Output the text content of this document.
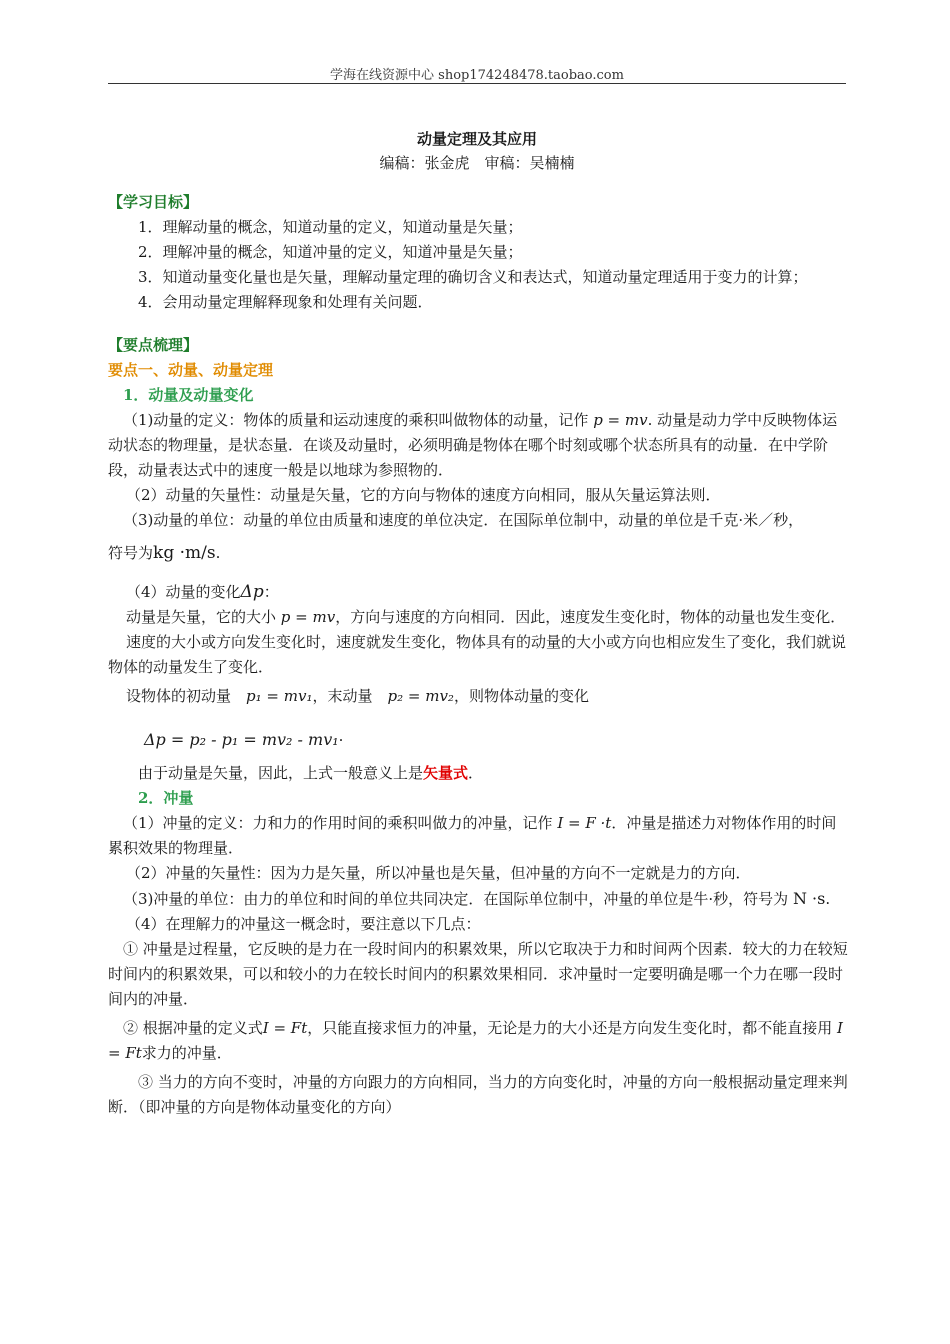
学海在线资源中心 shop174248478.taobao.com
动量定理及其应用
编稿：张金虎　审稿：吴楠楠

【学习目标】

1．理解动量的概念，知道动量的定义，知道动量是矢量；

2．理解冲量的概念，知道冲量的定义，知道冲量是矢量；

3．知道动量变化量也是矢量，理解动量定理的确切含义和表达式，知道动量定理适用于变力的计算；

4．会用动量定理解释现象和处理有关问题．

【要点梳理】

要点一、动量、动量定理

1．动量及动量变化

（1)动量的定义：物体的质量和运动速度的乘积叫做物体的动量，记作 p = mv. 动量是动力学中反映物体运动状态的物理量，是状态量．在谈及动量时，必须明确是物体在哪个时刻或哪个状态所具有的动量．在中学阶段，动量表达式中的速度一般是以地球为参照物的．

（2）动量的矢量性：动量是矢量，它的方向与物体的速度方向相同，服从矢量运算法则．

（3)动量的单位：动量的单位由质量和速度的单位决定．在国际单位制中，动量的单位是千克·米／秒，

符号为kg ·m/s.

（4）动量的变化Δp：

动量是矢量，它的大小 p = mv，方向与速度的方向相同．因此，速度发生变化时，物体的动量也发生变化．

速度的大小或方向发生变化时，速度就发生变化，物体具有的动量的大小或方向也相应发生了变化，我们就说物体的动量发生了变化．

设物体的初动量　 p₁ = mv₁，末动量　 p₂ = mv₂，则物体动量的变化

Δp = p₂ - p₁ = mv₂ - mv₁·

由于动量是矢量，因此，上式一般意义上是矢量式．

2．冲量

（1）冲量的定义：力和力的作用时间的乘积叫做力的冲量，记作 I = F ·t．冲量是描述力对物体作用的时间累积效果的物理量．

（2）冲量的矢量性：因为力是矢量，所以冲量也是矢量，但冲量的方向不一定就是力的方向．

（3)冲量的单位：由力的单位和时间的单位共同决定．在国际单位制中，冲量的单位是牛·秒，符号为 N ·s.

（4）在理解力的冲量这一概念时，要注意以下几点：

① 冲量是过程量，它反映的是力在一段时间内的积累效果，所以它取决于力和时间两个因素．较大的力在较短时间内的积累效果，可以和较小的力在较长时间内的积累效果相同．求冲量时一定要明确是哪一个力在哪一段时间内的冲量．

② 根据冲量的定义式I = Ft，只能直接求恒力的冲量，无论是力的大小还是方向发生变化时，都不能直接用 I = Ft求力的冲量．

③ 当力的方向不变时，冲量的方向跟力的方向相同，当力的方向变化时，冲量的方向一般根据动量定理来判断．（即冲量的方向是物体动量变化的方向）
